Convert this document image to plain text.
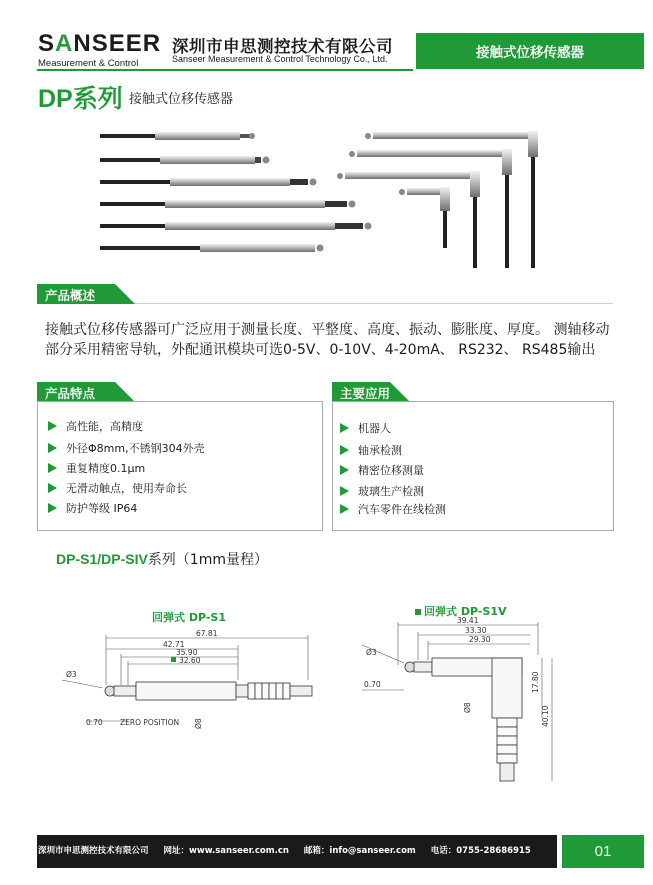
SANSEER
Measurement & Control
深圳市申思测控技术有限公司
Sanseer Measurement & Control Technology Co., Ltd.	接触式位移传感器
DP系列 接触式位移传感器
产品概述
接触式位移传感器可广泛应用于测量长度、平整度、高度、振动、膨胀度、厚度。 测轴移动部分采用精密导轨，外配通讯模块可选0-5V、0-10V、4-20mA、 RS232、 RS485输出
产品特点
高性能，高精度
外径Φ8mm,不锈钢304外壳
重复精度0.1μm
无滑动触点，使用寿命长
防护等级 IP64
主要应用
机器人
轴承检测
精密位移测量
玻璃生产检测
汽车零件在线检测
DP-S1/DP-SIV系列（1mm量程）
回弹式 DP-S1
67.81
42.71
35.90
32.60
Ø3
0.70 ZERO POSITION Ø8
回弹式 DP-S1V
39.41
33.30
29.30
17.80
40.10
Ø3
0.70
Ø8
深圳市申思测控技术有限公司 网址：www.sanseer.com.cn 邮箱：info@sanseer.com 电话：0755-28686915	01
